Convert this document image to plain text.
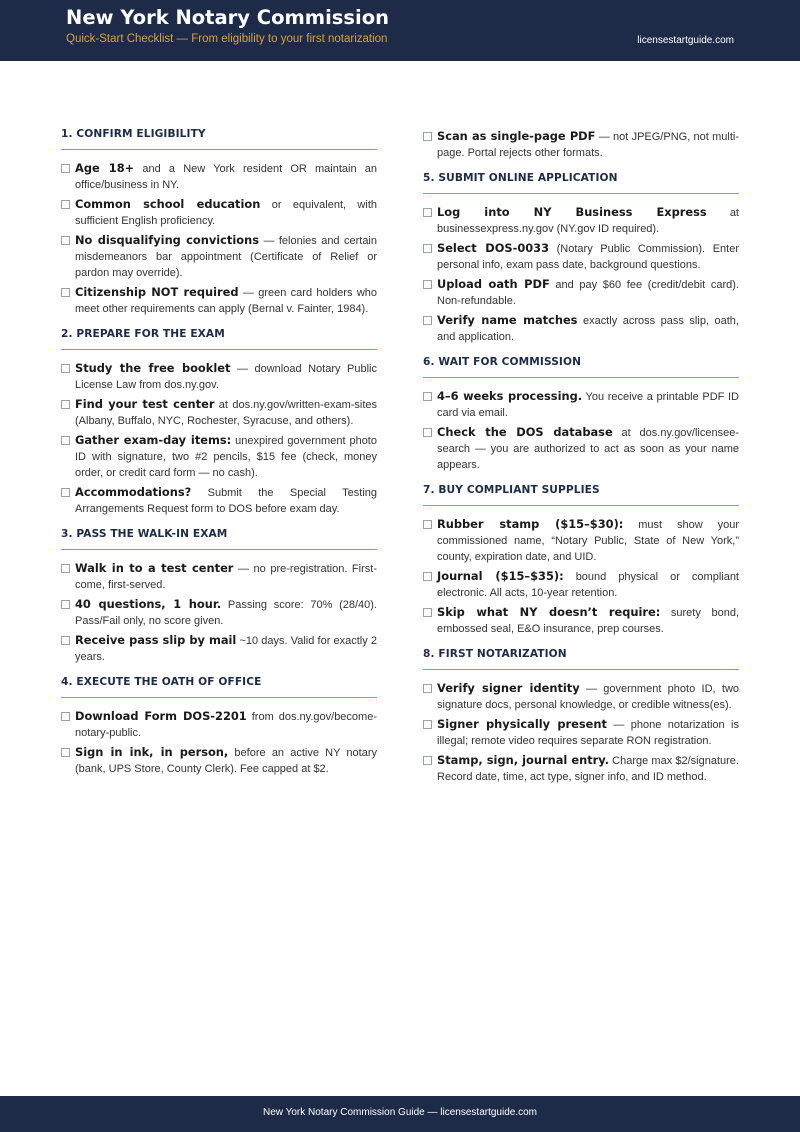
New York Notary Commission
Quick-Start Checklist — From eligibility to your first notarization	licensestartguide.com
1. CONFIRM ELIGIBILITY
Age 18+ and a New York resident OR maintain an office/business in NY.
Common school education or equivalent, with sufficient English proficiency.
No disqualifying convictions — felonies and certain misdemeanors bar appointment (Certificate of Relief or pardon may override).
Citizenship NOT required — green card holders who meet other requirements can apply (Bernal v. Fainter, 1984).
2. PREPARE FOR THE EXAM
Study the free booklet — download Notary Public License Law from dos.ny.gov.
Find your test center at dos.ny.gov/written-exam-sites (Albany, Buffalo, NYC, Rochester, Syracuse, and others).
Gather exam-day items: unexpired government photo ID with signature, two #2 pencils, $15 fee (check, money order, or credit card form — no cash).
Accommodations? Submit the Special Testing Arrangements Request form to DOS before exam day.
3. PASS THE WALK-IN EXAM
Walk in to a test center — no pre-registration. First-come, first-served.
40 questions, 1 hour. Passing score: 70% (28/40). Pass/Fail only, no score given.
Receive pass slip by mail ~10 days. Valid for exactly 2 years.
4. EXECUTE THE OATH OF OFFICE
Download Form DOS-2201 from dos.ny.gov/become-notary-public.
Sign in ink, in person, before an active NY notary (bank, UPS Store, County Clerk). Fee capped at $2.
Scan as single-page PDF — not JPEG/PNG, not multi-page. Portal rejects other formats.
5. SUBMIT ONLINE APPLICATION
Log into NY Business Express at businessexpress.ny.gov (NY.gov ID required).
Select DOS-0033 (Notary Public Commission). Enter personal info, exam pass date, background questions.
Upload oath PDF and pay $60 fee (credit/debit card). Non-refundable.
Verify name matches exactly across pass slip, oath, and application.
6. WAIT FOR COMMISSION
4–6 weeks processing. You receive a printable PDF ID card via email.
Check the DOS database at dos.ny.gov/licensee-search — you are authorized to act as soon as your name appears.
7. BUY COMPLIANT SUPPLIES
Rubber stamp ($15–$30): must show your commissioned name, “Notary Public, State of New York,” county, expiration date, and UID.
Journal ($15–$35): bound physical or compliant electronic. All acts, 10-year retention.
Skip what NY doesn’t require: surety bond, embossed seal, E&O insurance, prep courses.
8. FIRST NOTARIZATION
Verify signer identity — government photo ID, two signature docs, personal knowledge, or credible witness(es).
Signer physically present — phone notarization is illegal; remote video requires separate RON registration.
Stamp, sign, journal entry. Charge max $2/signature. Record date, time, act type, signer info, and ID method.
New York Notary Commission Guide — licensestartguide.com
